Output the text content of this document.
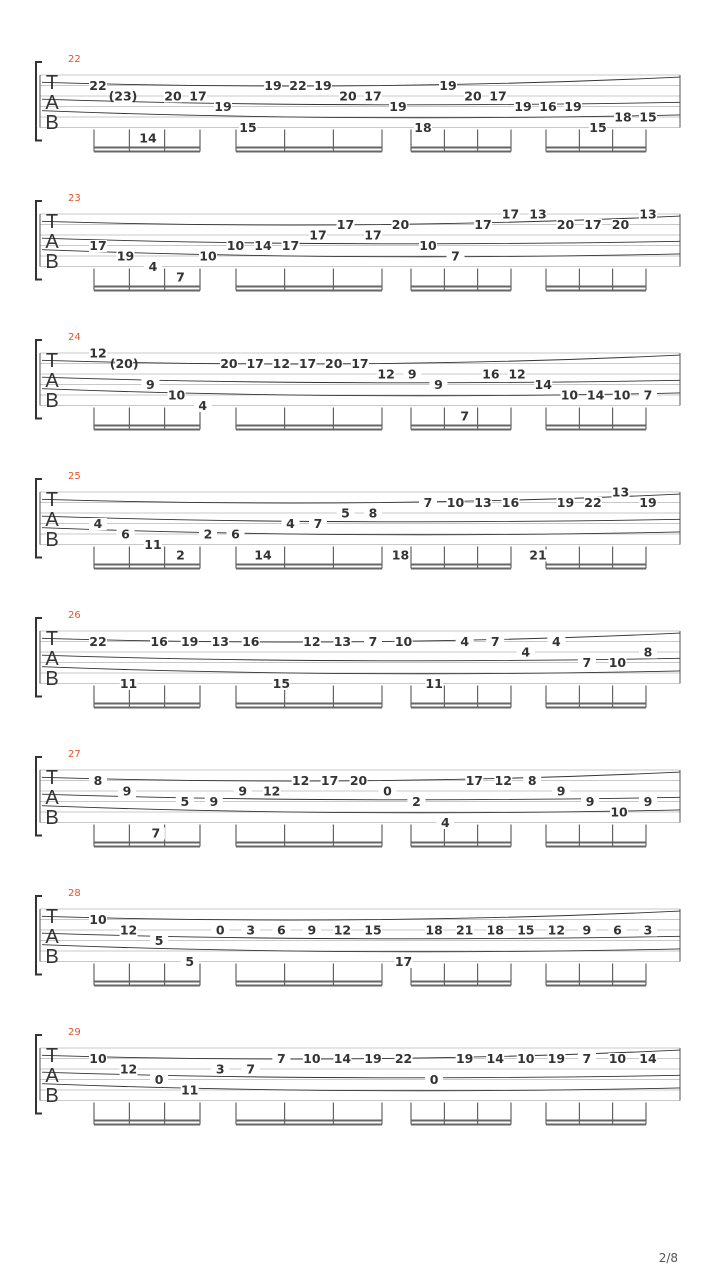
22
T
A
B
22
(23)
14
20 17
19
15
19 22 19
20 17
19
18
19
20 17
19 16 19
15
18 15
23
T
A
B
17
19
4
7
10
10 14 17
17
17
17
20
10
7
17
17 13
20 17 20
13
24
T
A
B
12
(20)
9
10
4
20 17 12 17 20 17
12 9
9
7
16 12
14
10 14 10 7
25
T
A
B
4
6
11
2
2 6
14
4 7
5 8
18
7 10 13 16
21
19 22
13
19
26
T
A
B
22
11
16 19 13 16
15
12 13 7 10
11
4 7
4
4
7 10
8
27
T
A
B
8
9
7
5 9
9 12
12 17 20
0
2
4
17 12 8
9
9
10
9
28
T
A
B
10
12
5
5
0 3 6 9 12 15
17
18 21 18 15 12 9 6 3
29
T
A
B
10
12
0
11
3 7
7 10 14 19 22
0
19 14 10 19 7 10 14
2/8
